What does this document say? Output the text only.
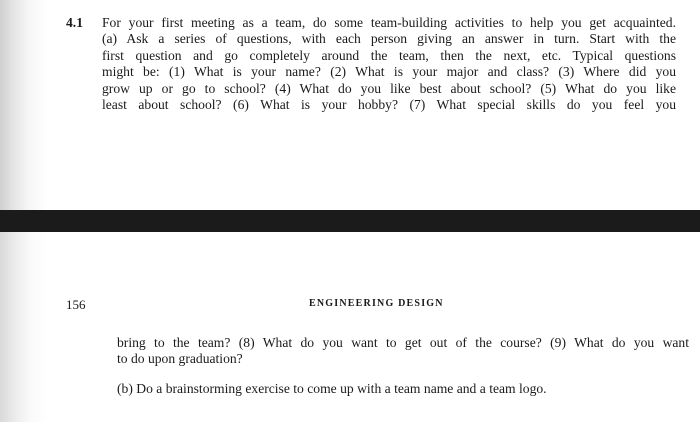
4.1 For your first meeting as a team, do some team-building activities to help you get acquainted.
(a) Ask a series of questions, with each person giving an answer in turn. Start with the
first question and go completely around the team, then the next, etc. Typical questions
might be: (1) What is your name? (2) What is your major and class? (3) Where did you
grow up or go to school? (4) What do you like best about school? (5) What do you like
least about school? (6) What is your hobby? (7) What special skills do you feel you
156	ENGINEERING DESIGN
bring to the team? (8) What do you want to get out of the course? (9) What do you want
to do upon graduation?
(b) Do a brainstorming exercise to come up with a team name and a team logo.
